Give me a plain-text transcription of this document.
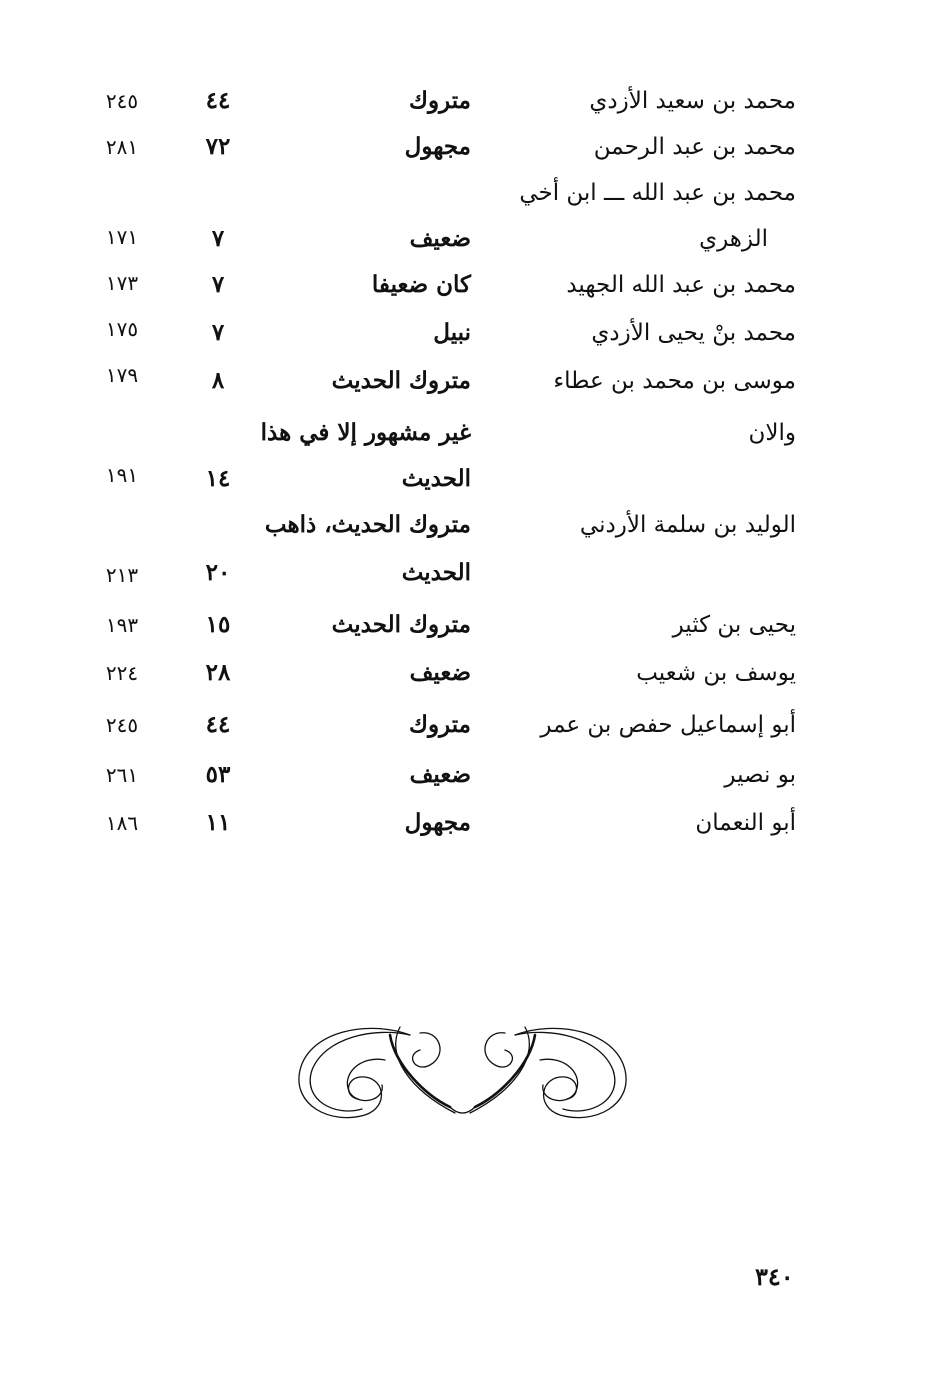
محمد بن سعيد الأزدي
متروك
٤٤
٢٤٥
محمد بن عبد الرحمن
مجهول
٧٢
٢٨١
محمد بن عبد الله ـــ ابن أخي
الزهري
ضعيف
٧
١٧١
محمد بن عبد الله الجهيد
كان ضعيفا
٧
١٧٣
محمد بنْ يحيى الأزدي
نبيل
٧
١٧٥
موسى بن محمد بن عطاء
متروك الحديث
٨
١٧٩
والان
غير مشهور إلا في هذا
الحديث
١٤
١٩١
الوليد بن سلمة الأردني
متروك الحديث، ذاهب
الحديث
٢٠
٢١٣
يحيى بن كثير
متروك الحديث
١٥
١٩٣
يوسف بن شعيب
ضعيف
٢٨
٢٢٤
أبو إسماعيل حفص بن عمر
متروك
٤٤
٢٤٥
بو نصير
ضعيف
٥٣
٢٦١
أبو النعمان
مجهول
١١
١٨٦
٣٤٠
